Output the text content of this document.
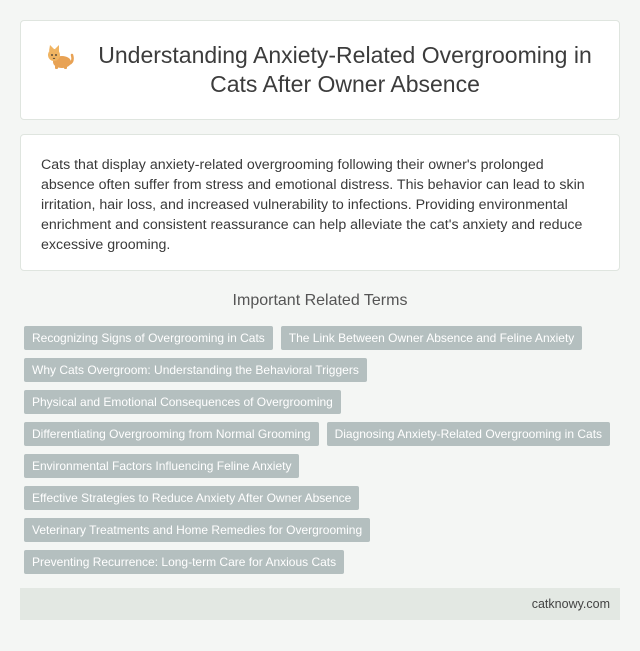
Understanding Anxiety-Related Overgrooming in Cats After Owner Absence

Cats that display anxiety-related overgrooming following their owner's prolonged absence often suffer from stress and emotional distress. This behavior can lead to skin irritation, hair loss, and increased vulnerability to infections. Providing environmental enrichment and consistent reassurance can help alleviate the cat's anxiety and reduce excessive grooming.

Important Related Terms
Recognizing Signs of Overgrooming in Cats	The Link Between Owner Absence and Feline Anxiety
Why Cats Overgroom: Understanding the Behavioral Triggers
Physical and Emotional Consequences of Overgrooming
Differentiating Overgrooming from Normal Grooming	Diagnosing Anxiety-Related Overgrooming in Cats
Environmental Factors Influencing Feline Anxiety
Effective Strategies to Reduce Anxiety After Owner Absence
Veterinary Treatments and Home Remedies for Overgrooming
Preventing Recurrence: Long-term Care for Anxious Cats
catknowy.com
